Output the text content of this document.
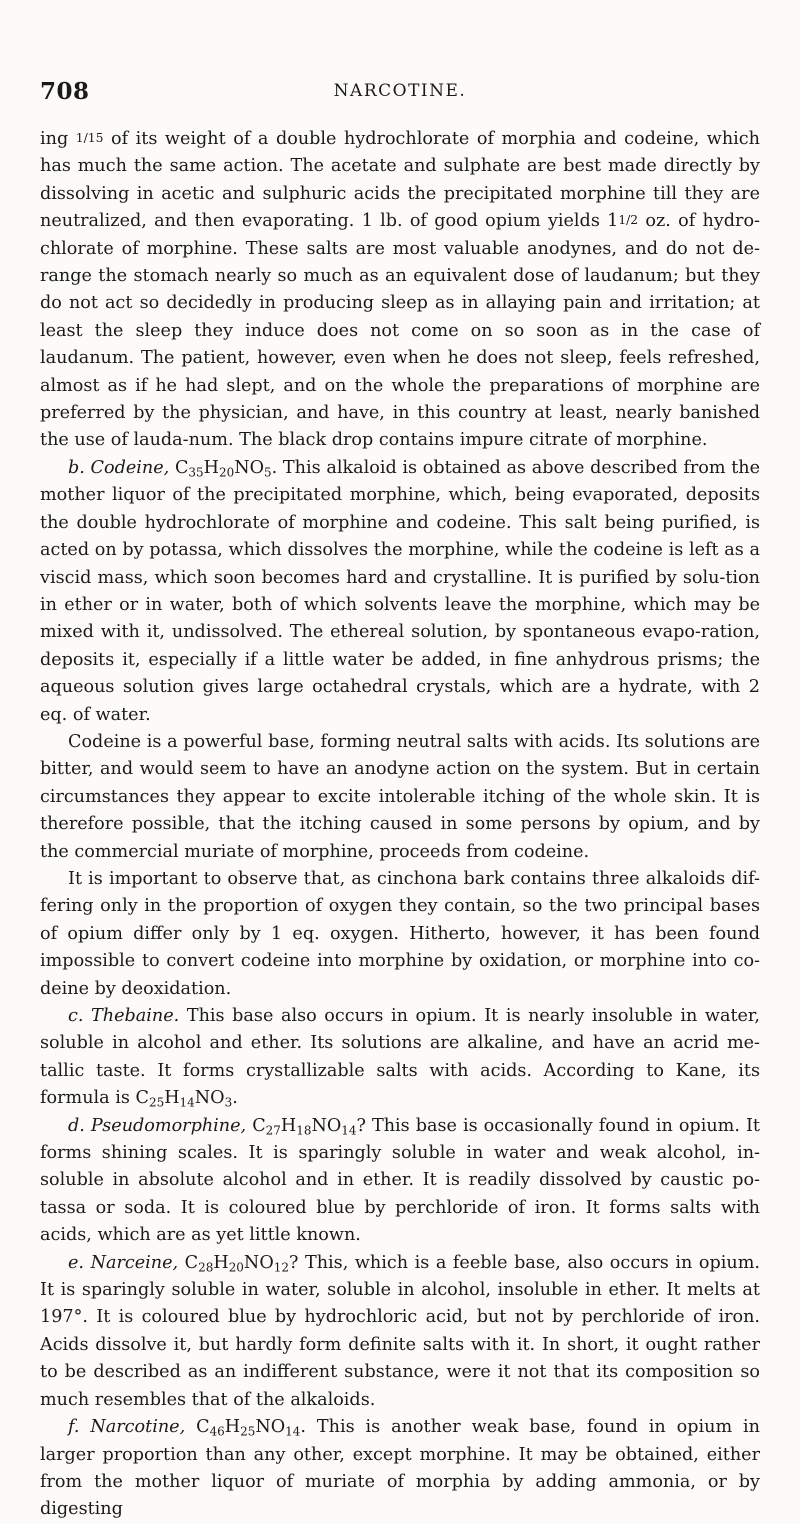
708	NARCOTINE.

ing 1/15 of its weight of a double hydrochlorate of morphia and codeine, which has much the same action. The acetate and sulphate are best made directly by dissolving in acetic and sulphuric acids the precipitated morphine till they are neutralized, and then evaporating. 1 lb. of good opium yields 11/2 oz. of hydro-chlorate of morphine. These salts are most valuable anodynes, and do not de-range the stomach nearly so much as an equivalent dose of laudanum; but they do not act so decidedly in producing sleep as in allaying pain and irritation; at least the sleep they induce does not come on so soon as in the case of laudanum. The patient, however, even when he does not sleep, feels refreshed, almost as if he had slept, and on the whole the preparations of morphine are preferred by the physician, and have, in this country at least, nearly banished the use of lauda-num. The black drop contains impure citrate of morphine.

b. Codeine, $C_{35}H_{20}NO_5$. This alkaloid is obtained as above described from the mother liquor of the precipitated morphine, which, being evaporated, deposits the double hydrochlorate of morphine and codeine. This salt being purified, is acted on by potassa, which dissolves the morphine, while the codeine is left as a viscid mass, which soon becomes hard and crystalline. It is purified by solu-tion in ether or in water, both of which solvents leave the morphine, which may be mixed with it, undissolved. The ethereal solution, by spontaneous evapo-ration, deposits it, especially if a little water be added, in fine anhydrous prisms; the aqueous solution gives large octahedral crystals, which are a hydrate, with 2 eq. of water.

Codeine is a powerful base, forming neutral salts with acids. Its solutions are bitter, and would seem to have an anodyne action on the system. But in certain circumstances they appear to excite intolerable itching of the whole skin. It is therefore possible, that the itching caused in some persons by opium, and by the commercial muriate of morphine, proceeds from codeine.

It is important to observe that, as cinchona bark contains three alkaloids dif-fering only in the proportion of oxygen they contain, so the two principal bases of opium differ only by 1 eq. oxygen. Hitherto, however, it has been found impossible to convert codeine into morphine by oxidation, or morphine into co-deine by deoxidation.

c. Thebaine. This base also occurs in opium. It is nearly insoluble in water, soluble in alcohol and ether. Its solutions are alkaline, and have an acrid me-tallic taste. It forms crystallizable salts with acids. According to Kane, its formula is $C_{25}H_{14}NO_3$.

d. Pseudomorphine, $C_{27}H_{18}NO_{14}$? This base is occasionally found in opium. It forms shining scales. It is sparingly soluble in water and weak alcohol, in-soluble in absolute alcohol and in ether. It is readily dissolved by caustic po-tassa or soda. It is coloured blue by perchloride of iron. It forms salts with acids, which are as yet little known.

e. Narceine, $C_{28}H_{20}NO_{12}$? This, which is a feeble base, also occurs in opium. It is sparingly soluble in water, soluble in alcohol, insoluble in ether. It melts at 197°. It is coloured blue by hydrochloric acid, but not by perchloride of iron. Acids dissolve it, but hardly form definite salts with it. In short, it ought rather to be described as an indifferent substance, were it not that its composition so much resembles that of the alkaloids.

f. Narcotine, $C_{46}H_{25}NO_{14}$. This is another weak base, found in opium in larger proportion than any other, except morphine. It may be obtained, either from the mother liquor of muriate of morphia by adding ammonia, or by digesting
